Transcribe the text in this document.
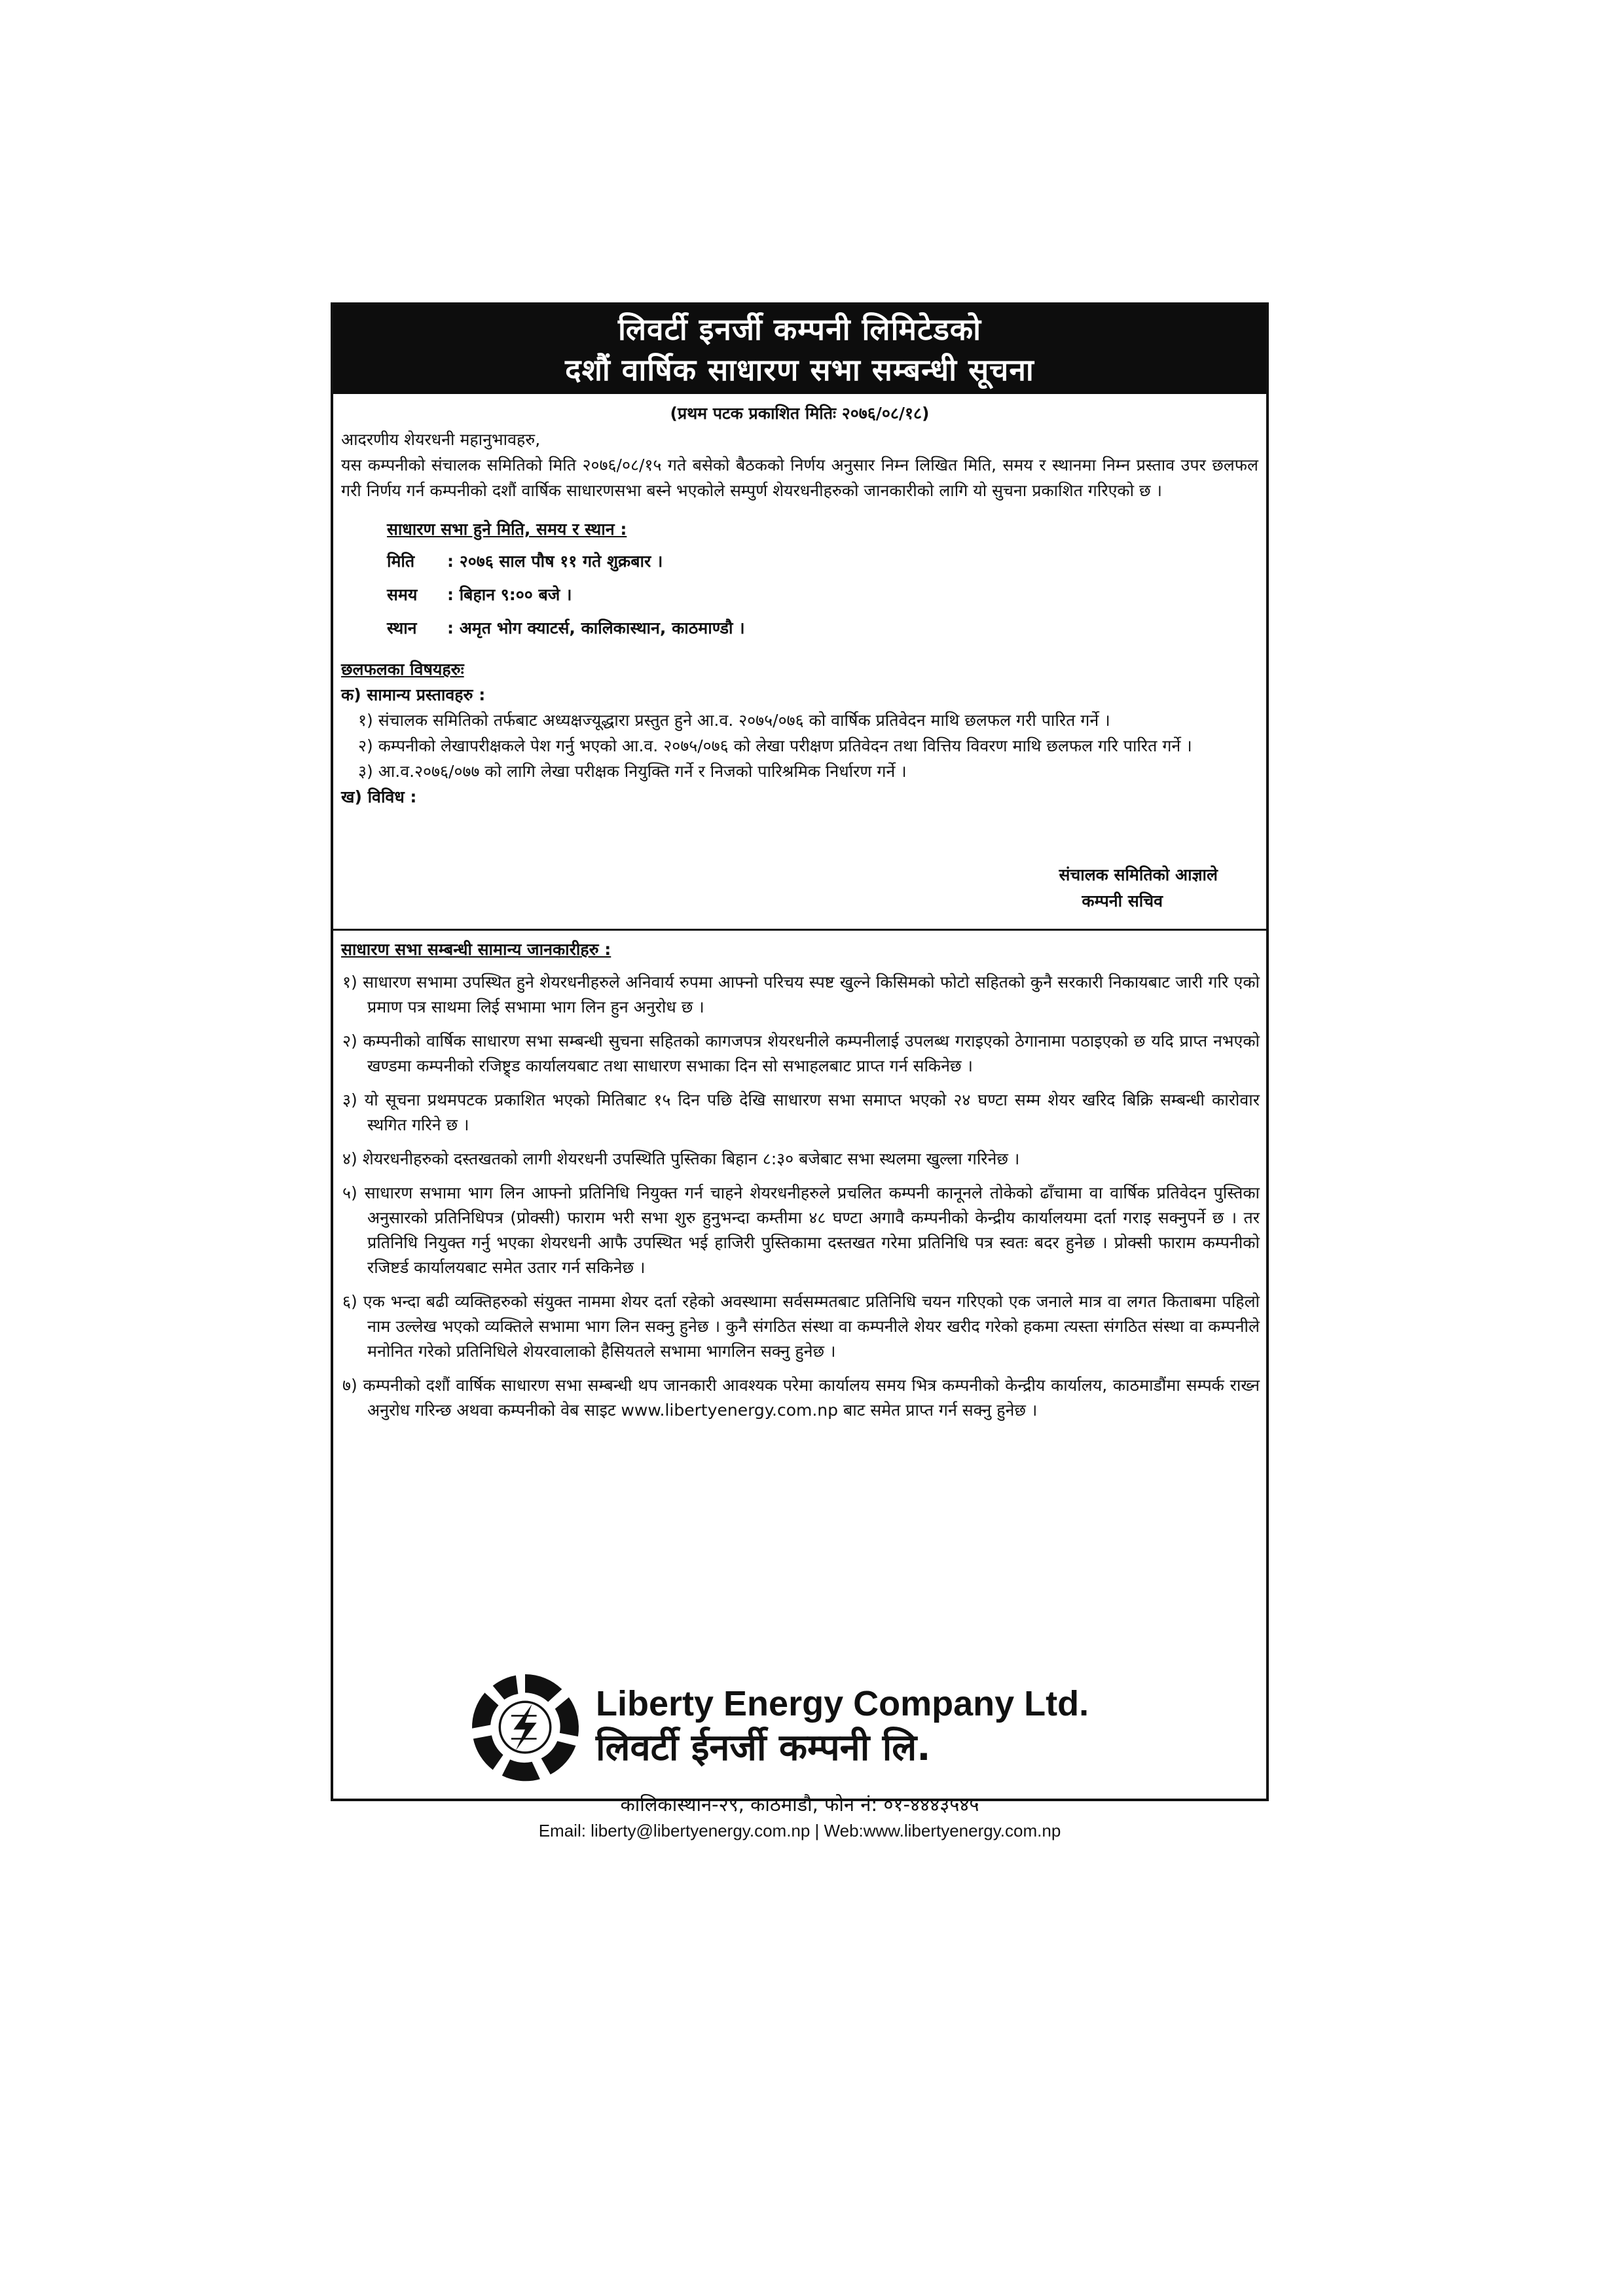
लिवर्टी इनर्जी कम्पनी लिमिटेडको
दशौं वार्षिक साधारण सभा सम्बन्धी सूचना
(प्रथम पटक प्रकाशित मितिः २०७६/०८/१८)

आदरणीय शेयरधनी महानुभावहरु,

यस कम्पनीको संचालक समितिको मिति २०७६/०८/१५ गते बसेको बैठकको निर्णय अनुसार निम्न लिखित मिति, समय र स्थानमा निम्न प्रस्ताव उपर छलफल गरी निर्णय गर्न कम्पनीको दशौं वार्षिक साधारणसभा बस्ने भएकोले सम्पुर्ण शेयरधनीहरुको जानकारीको लागि यो सुचना प्रकाशित गरिएको छ ।

साधारण सभा हुने मिति, समय र स्थान :
मिति	: २०७६ साल पौष ११ गते शुक्रबार ।
समय	: बिहान ९:०० बजे ।
स्थान	: अमृत भोग क्याटर्स, कालिकास्थान, काठमाण्डौ ।
छलफलका विषयहरुः
क) सामान्य प्रस्तावहरु :
१) संचालक समितिको तर्फबाट अध्यक्षज्यूद्धारा प्रस्तुत हुने आ.व. २०७५/०७६ को वार्षिक प्रतिवेदन माथि छलफल गरी पारित गर्ने ।
२) कम्पनीको लेखापरीक्षकले पेश गर्नु भएको आ.व. २०७५/०७६ को लेखा परीक्षण प्रतिवेदन तथा वित्तिय विवरण माथि छलफल गरि पारित गर्ने ।
३) आ.व.२०७६/०७७ को लागि लेखा परीक्षक नियुक्ति गर्ने र निजको पारिश्रमिक निर्धारण गर्ने ।
ख) विविध :
संचालक समितिको आज्ञाले
कम्पनी सचिव
साधारण सभा सम्बन्धी सामान्य जानकारीहरु :
१) साधारण सभामा उपस्थित हुने शेयरधनीहरुले अनिवार्य रुपमा आफ्नो परिचय स्पष्ट खुल्ने किसिमको फोटो सहितको कुनै सरकारी निकायबाट जारी गरि एको प्रमाण पत्र साथमा लिई सभामा भाग लिन हुन अनुरोध छ ।
२) कम्पनीको वार्षिक साधारण सभा सम्बन्धी सुचना सहितको कागजपत्र शेयरधनीले कम्पनीलाई उपलब्ध गराइएको ठेगानामा पठाइएको छ यदि प्राप्त नभएको खण्डमा कम्पनीको रजिष्ट्र्ड कार्यालयबाट तथा साधारण सभाका दिन सो सभाहलबाट प्राप्त गर्न सकिनेछ ।
३) यो सूचना प्रथमपटक प्रकाशित भएको मितिबाट १५ दिन पछि देखि साधारण सभा समाप्त भएको २४ घण्टा सम्म शेयर खरिद बिक्रि सम्बन्धी कारोवार स्थगित गरिने छ ।
४) शेयरधनीहरुको दस्तखतको लागी शेयरधनी उपस्थिति पुस्तिका बिहान ८:३० बजेबाट सभा स्थलमा खुल्ला गरिनेछ ।
५) साधारण सभामा भाग लिन आफ्नो प्रतिनिधि नियुक्त गर्न चाहने शेयरधनीहरुले प्रचलित कम्पनी कानूनले तोकेको ढाँचामा वा वार्षिक प्रतिवेदन पुस्तिका अनुसारको प्रतिनिधिपत्र (प्रोक्सी) फाराम भरी सभा शुरु हुनुभन्दा कम्तीमा ४८ घण्टा अगावै कम्पनीको केन्द्रीय कार्यालयमा दर्ता गराइ सक्नुपर्ने छ । तर प्रतिनिधि नियुक्त गर्नु भएका शेयरधनी आफै उपस्थित भई हाजिरी पुस्तिकामा दस्तखत गरेमा प्रतिनिधि पत्र स्वतः बदर हुनेछ । प्रोक्सी फाराम कम्पनीको रजिष्टर्ड कार्यालयबाट समेत उतार गर्न सकिनेछ ।
६) एक भन्दा बढी व्यक्तिहरुको संयुक्त नाममा शेयर दर्ता रहेको अवस्थामा सर्वसम्मतबाट प्रतिनिधि चयन गरिएको एक जनाले मात्र वा लगत किताबमा पहिलो नाम उल्लेख भएको व्यक्तिले सभामा भाग लिन सक्नु हुनेछ । कुनै संगठित संस्था वा कम्पनीले शेयर खरीद गरेको हकमा त्यस्ता संगठित संस्था वा कम्पनीले मनोनित गरेको प्रतिनिधिले शेयरवालाको हैसियतले सभामा भागलिन सक्नु हुनेछ ।
७) कम्पनीको दशौं वार्षिक साधारण सभा सम्बन्धी थप जानकारी आवश्यक परेमा कार्यालय समय भित्र कम्पनीको केन्द्रीय कार्यालय, काठमाडौंमा सम्पर्क राख्न अनुरोध गरिन्छ अथवा कम्पनीको वेब साइट www.libertyenergy.com.np बाट समेत प्राप्त गर्न सक्नु हुनेछ ।
Liberty Energy Company Ltd.
लिवर्टी ईनर्जी कम्पनी लि.
कालिकास्थान-२९, काठमाडौ, फोन नं: ०१-४४४३५४५
Email: liberty@libertyenergy.com.np | Web:www.libertyenergy.com.np
